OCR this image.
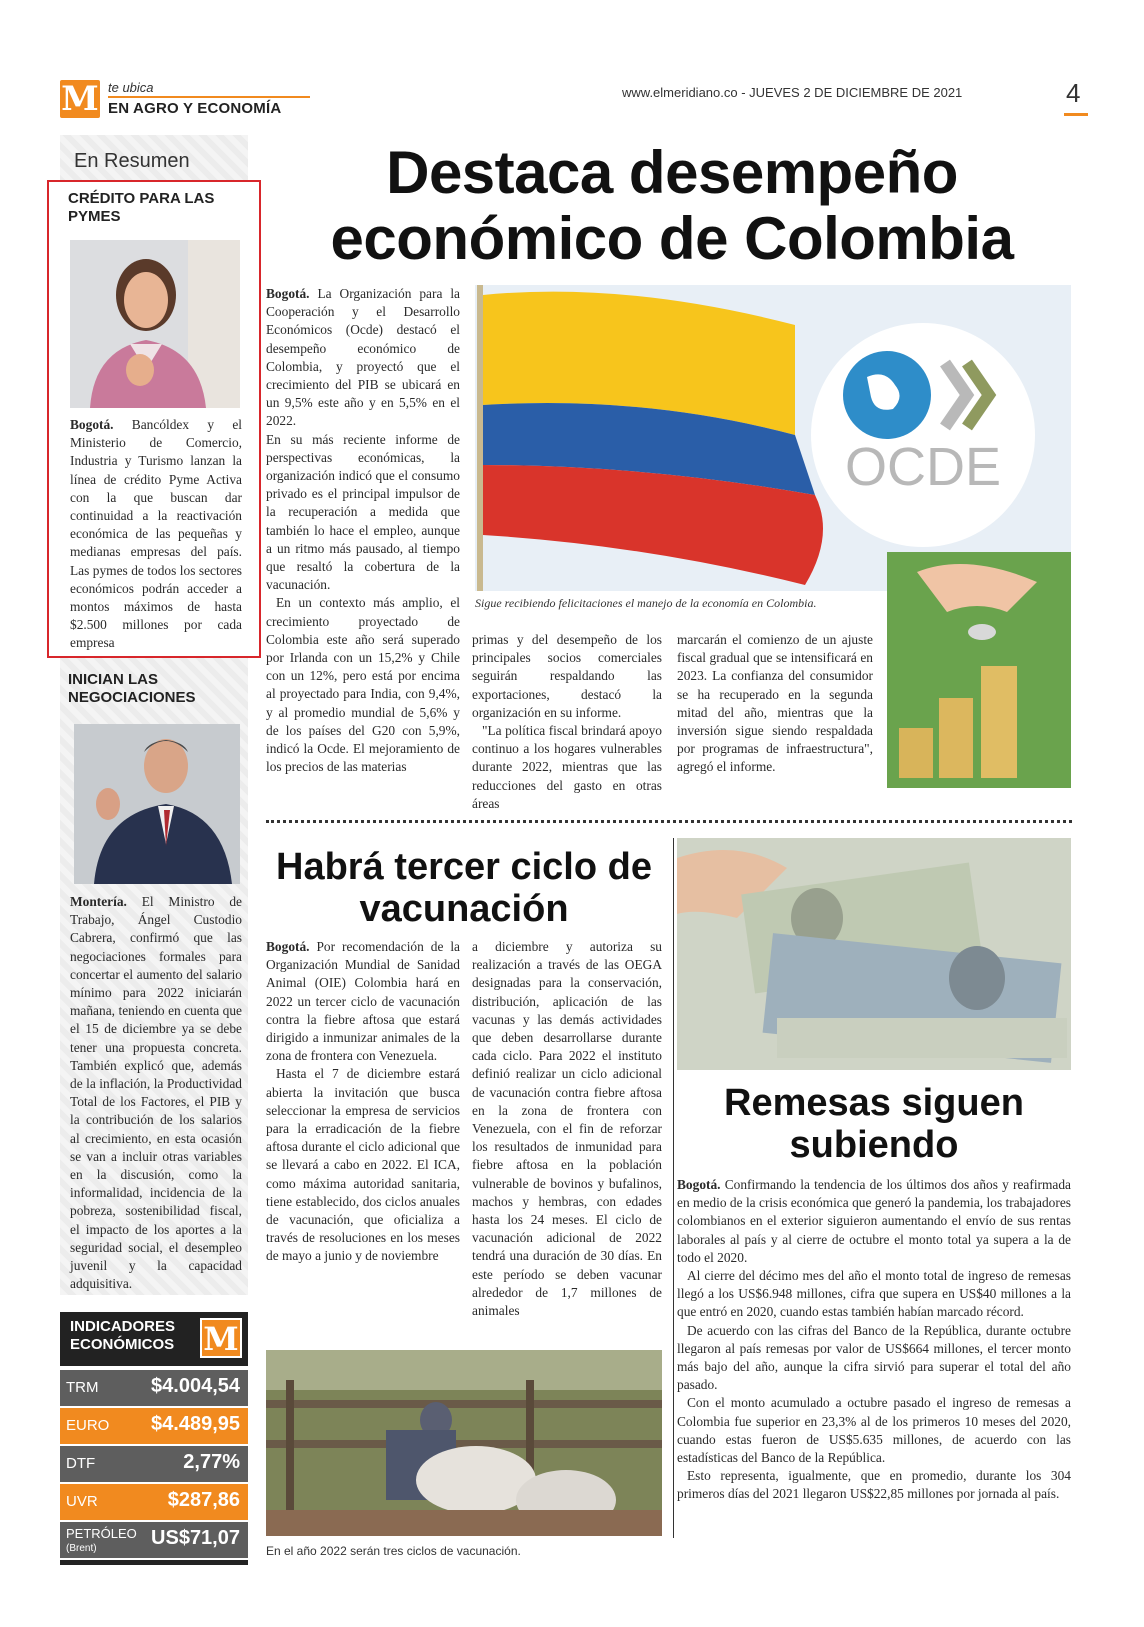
M te ubica
EN AGRO Y ECONOMÍA
www.elmeridiano.co - JUEVES 2 DE DICIEMBRE DE 2021	4
En Resumen
CRÉDITO PARA LAS PYMES

Bogotá. Bancóldex y el Ministerio de Comercio, Industria y Turismo lanzan la línea de crédito Pyme Activa con la que buscan dar continuidad a la reactivación económica de las pequeñas y medianas empresas del país. Las pymes de todos los sectores económicos podrán acceder a montos máximos de hasta $2.500 millones por cada empresa

INICIAN LAS NEGOCIACIONES

Montería. El Ministro de Trabajo, Ángel Custodio Cabrera, confirmó que las negociaciones formales para concertar el aumento del salario mínimo para 2022 iniciarán mañana, teniendo en cuenta que el 15 de diciembre ya se debe tener una propuesta concreta. También explicó que, además de la inflación, la Productividad Total de los Factores, el PIB y la contribución de los salarios al crecimiento, en esta ocasión se van a incluir otras variables en la discusión, como la informalidad, incidencia de la pobreza, sostenibilidad fiscal, el impacto de los aportes a la seguridad social, el desempleo juvenil y la capacidad adquisitiva.

INDICADORES
ECONÓMICOS M
TRM	$4.004,54
EURO $4.489,95
DTF	2,77%
UVR	$287,86
PETRÓLEO
(Brent)	US$71,07
Destaca desempeño económico de Colombia

Bogotá. La Organización para la Cooperación y el Desarrollo Económicos (Ocde) destacó el desempeño económico de Colombia, y proyectó que el crecimiento del PIB se ubicará en un 9,5% este año y en 5,5% en el 2022.

En su más reciente informe de perspectivas económicas, la organización indicó que el consumo privado es el principal impulsor de la recuperación a medida que también lo hace el empleo, aunque a un ritmo más pausado, al tiempo que resaltó la cobertura de la vacunación.

En un contexto más amplio, el crecimiento proyectado de Colombia este año será superado por Irlanda con un 15,2% y Chile con un 12%, pero está por encima al proyectado para India, con 9,4%, y al promedio mundial de 5,6% y de los países del G20 con 5,9%, indicó la Ocde. El mejoramiento de los precios de las materias

OCDE
Sigue recibiendo felicitaciones el manejo de la economía en Colombia.

primas y del desempeño de los principales socios comerciales seguirán respaldando las exportaciones, destacó la organización en su informe.

"La política fiscal brindará apoyo continuo a los hogares vulnerables durante 2022, mientras que las reducciones del gasto en otras áreas

marcarán el comienzo de un ajuste fiscal gradual que se intensificará en 2023. La confianza del consumidor se ha recuperado en la segunda mitad del año, mientras que la inversión sigue siendo respaldada por programas de infraestructura", agregó el informe.

Habrá tercer ciclo de vacunación

Bogotá. Por recomendación de la Organización Mundial de Sanidad Animal (OIE) Colombia hará en 2022 un tercer ciclo de vacunación contra la fiebre aftosa que estará dirigido a inmunizar animales de la zona de frontera con Venezuela.

Hasta el 7 de diciembre estará abierta la invitación que busca seleccionar la empresa de servicios para la erradicación de la fiebre aftosa durante el ciclo adicional que se llevará a cabo en 2022. El ICA, como máxima autoridad sanitaria, tiene establecido, dos ciclos anuales de vacunación, que oficializa a través de resoluciones en los meses de mayo a junio y de noviembre

a diciembre y autoriza su realización a través de las OEGA designadas para la conservación, distribución, aplicación de las vacunas y las demás actividades que deben desarrollarse durante cada ciclo. Para 2022 el instituto definió realizar un ciclo adicional de vacunación contra fiebre aftosa en la zona de frontera con Venezuela, con el fin de reforzar los resultados de inmunidad para fiebre aftosa en la población vulnerable de bovinos y bufalinos, machos y hembras, con edades hasta los 24 meses. El ciclo de vacunación adicional de 2022 tendrá una duración de 30 días. En este período se deben vacunar alrededor de 1,7 millones de animales

En el año 2022 serán tres ciclos de vacunación.
Remesas siguen subiendo

Bogotá. Confirmando la tendencia de los últimos dos años y reafirmada en medio de la crisis económica que generó la pandemia, los trabajadores colombianos en el exterior siguieron aumentando el envío de sus rentas laborales al país y al cierre de octubre el monto total ya supera a la de todo el 2020.

Al cierre del décimo mes del año el monto total de ingreso de remesas llegó a los US$6.948 millones, cifra que supera en US$40 millones a la que entró en 2020, cuando estas también habían marcado récord.

De acuerdo con las cifras del Banco de la República, durante octubre llegaron al país remesas por valor de US$664 millones, el tercer monto más bajo del año, aunque la cifra sirvió para superar el total del año pasado.

Con el monto acumulado a octubre pasado el ingreso de remesas a Colombia fue superior en 23,3% al de los primeros 10 meses del 2020, cuando estas fueron de US$5.635 millones, de acuerdo con las estadísticas del Banco de la República.

Esto representa, igualmente, que en promedio, durante los 304 primeros días del 2021 llegaron US$22,85 millones por jornada al país.
